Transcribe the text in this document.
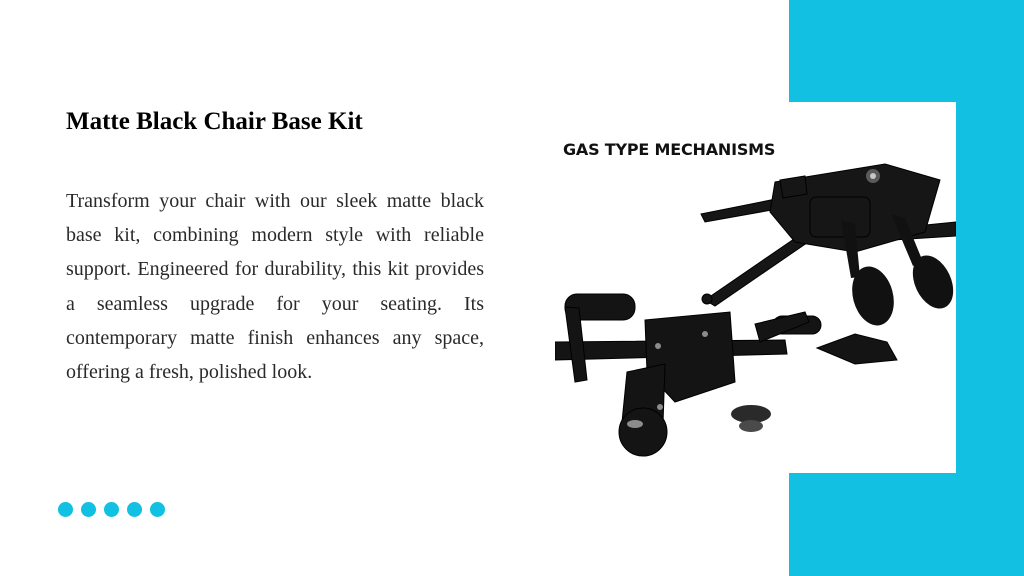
Matte Black Chair Base Kit

Transform your chair with our sleek matte black base kit, combining modern style with reliable support. Engineered for durability, this kit provides a seamless upgrade for your seating. Its contemporary matte finish enhances any space, offering a fresh, polished look.

GAS TYPE MECHANISMS
